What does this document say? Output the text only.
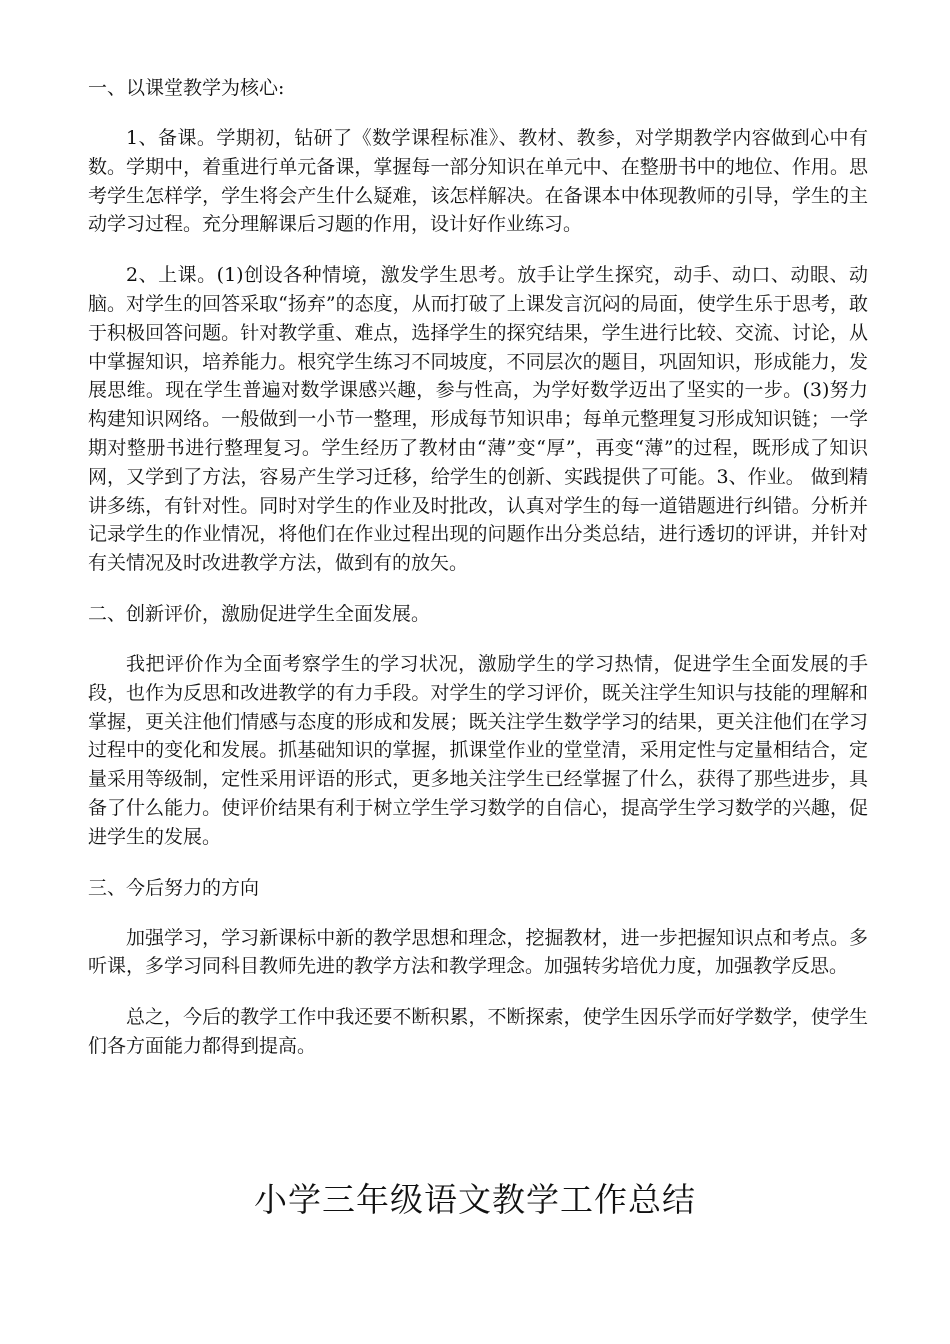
一、以课堂教学为核心:

1、备课。学期初，钻研了《数学课程标准》、教材、教参，对学期教学内容做到心中有数。学期中，着重进行单元备课，掌握每一部分知识在单元中、在整册书中的地位、作用。思考学生怎样学，学生将会产生什么疑难，该怎样解决。在备课本中体现教师的引导，学生的主动学习过程。充分理解课后习题的作用，设计好作业练习。

2、上课。(1)创设各种情境，激发学生思考。放手让学生探究，动手、动口、动眼、动脑。对学生的回答采取“扬弃”的态度，从而打破了上课发言沉闷的局面，使学生乐于思考，敢于积极回答问题。针对教学重、难点，选择学生的探究结果，学生进行比较、交流、讨论，从中掌握知识，培养能力。根究学生练习不同坡度，不同层次的题目，巩固知识，形成能力，发展思维。现在学生普遍对数学课感兴趣，参与性高，为学好数学迈出了坚实的一步。(3)努力构建知识网络。一般做到一小节一整理，形成每节知识串；每单元整理复习形成知识链；一学期对整册书进行整理复习。学生经历了教材由“薄”变“厚”，再变“薄”的过程，既形成了知识网，又学到了方法，容易产生学习迁移，给学生的创新、实践提供了可能。3、作业。 做到精讲多练，有针对性。同时对学生的作业及时批改，认真对学生的每一道错题进行纠错。分析并记录学生的作业情况，将他们在作业过程出现的问题作出分类总结，进行透切的评讲，并针对有关情况及时改进教学方法，做到有的放矢。

二、创新评价，激励促进学生全面发展。

我把评价作为全面考察学生的学习状况，激励学生的学习热情，促进学生全面发展的手段，也作为反思和改进教学的有力手段。对学生的学习评价，既关注学生知识与技能的理解和掌握，更关注他们情感与态度的形成和发展；既关注学生数学学习的结果，更关注他们在学习过程中的变化和发展。抓基础知识的掌握，抓课堂作业的堂堂清，采用定性与定量相结合，定量采用等级制，定性采用评语的形式，更多地关注学生已经掌握了什么，获得了那些进步，具备了什么能力。使评价结果有利于树立学生学习数学的自信心，提高学生学习数学的兴趣，促进学生的发展。

三、今后努力的方向

加强学习，学习新课标中新的教学思想和理念，挖掘教材，进一步把握知识点和考点。多听课，多学习同科目教师先进的教学方法和教学理念。加强转劣培优力度，加强教学反思。

总之，今后的教学工作中我还要不断积累，不断探索，使学生因乐学而好学数学，使学生们各方面能力都得到提高。

小学三年级语文教学工作总结
